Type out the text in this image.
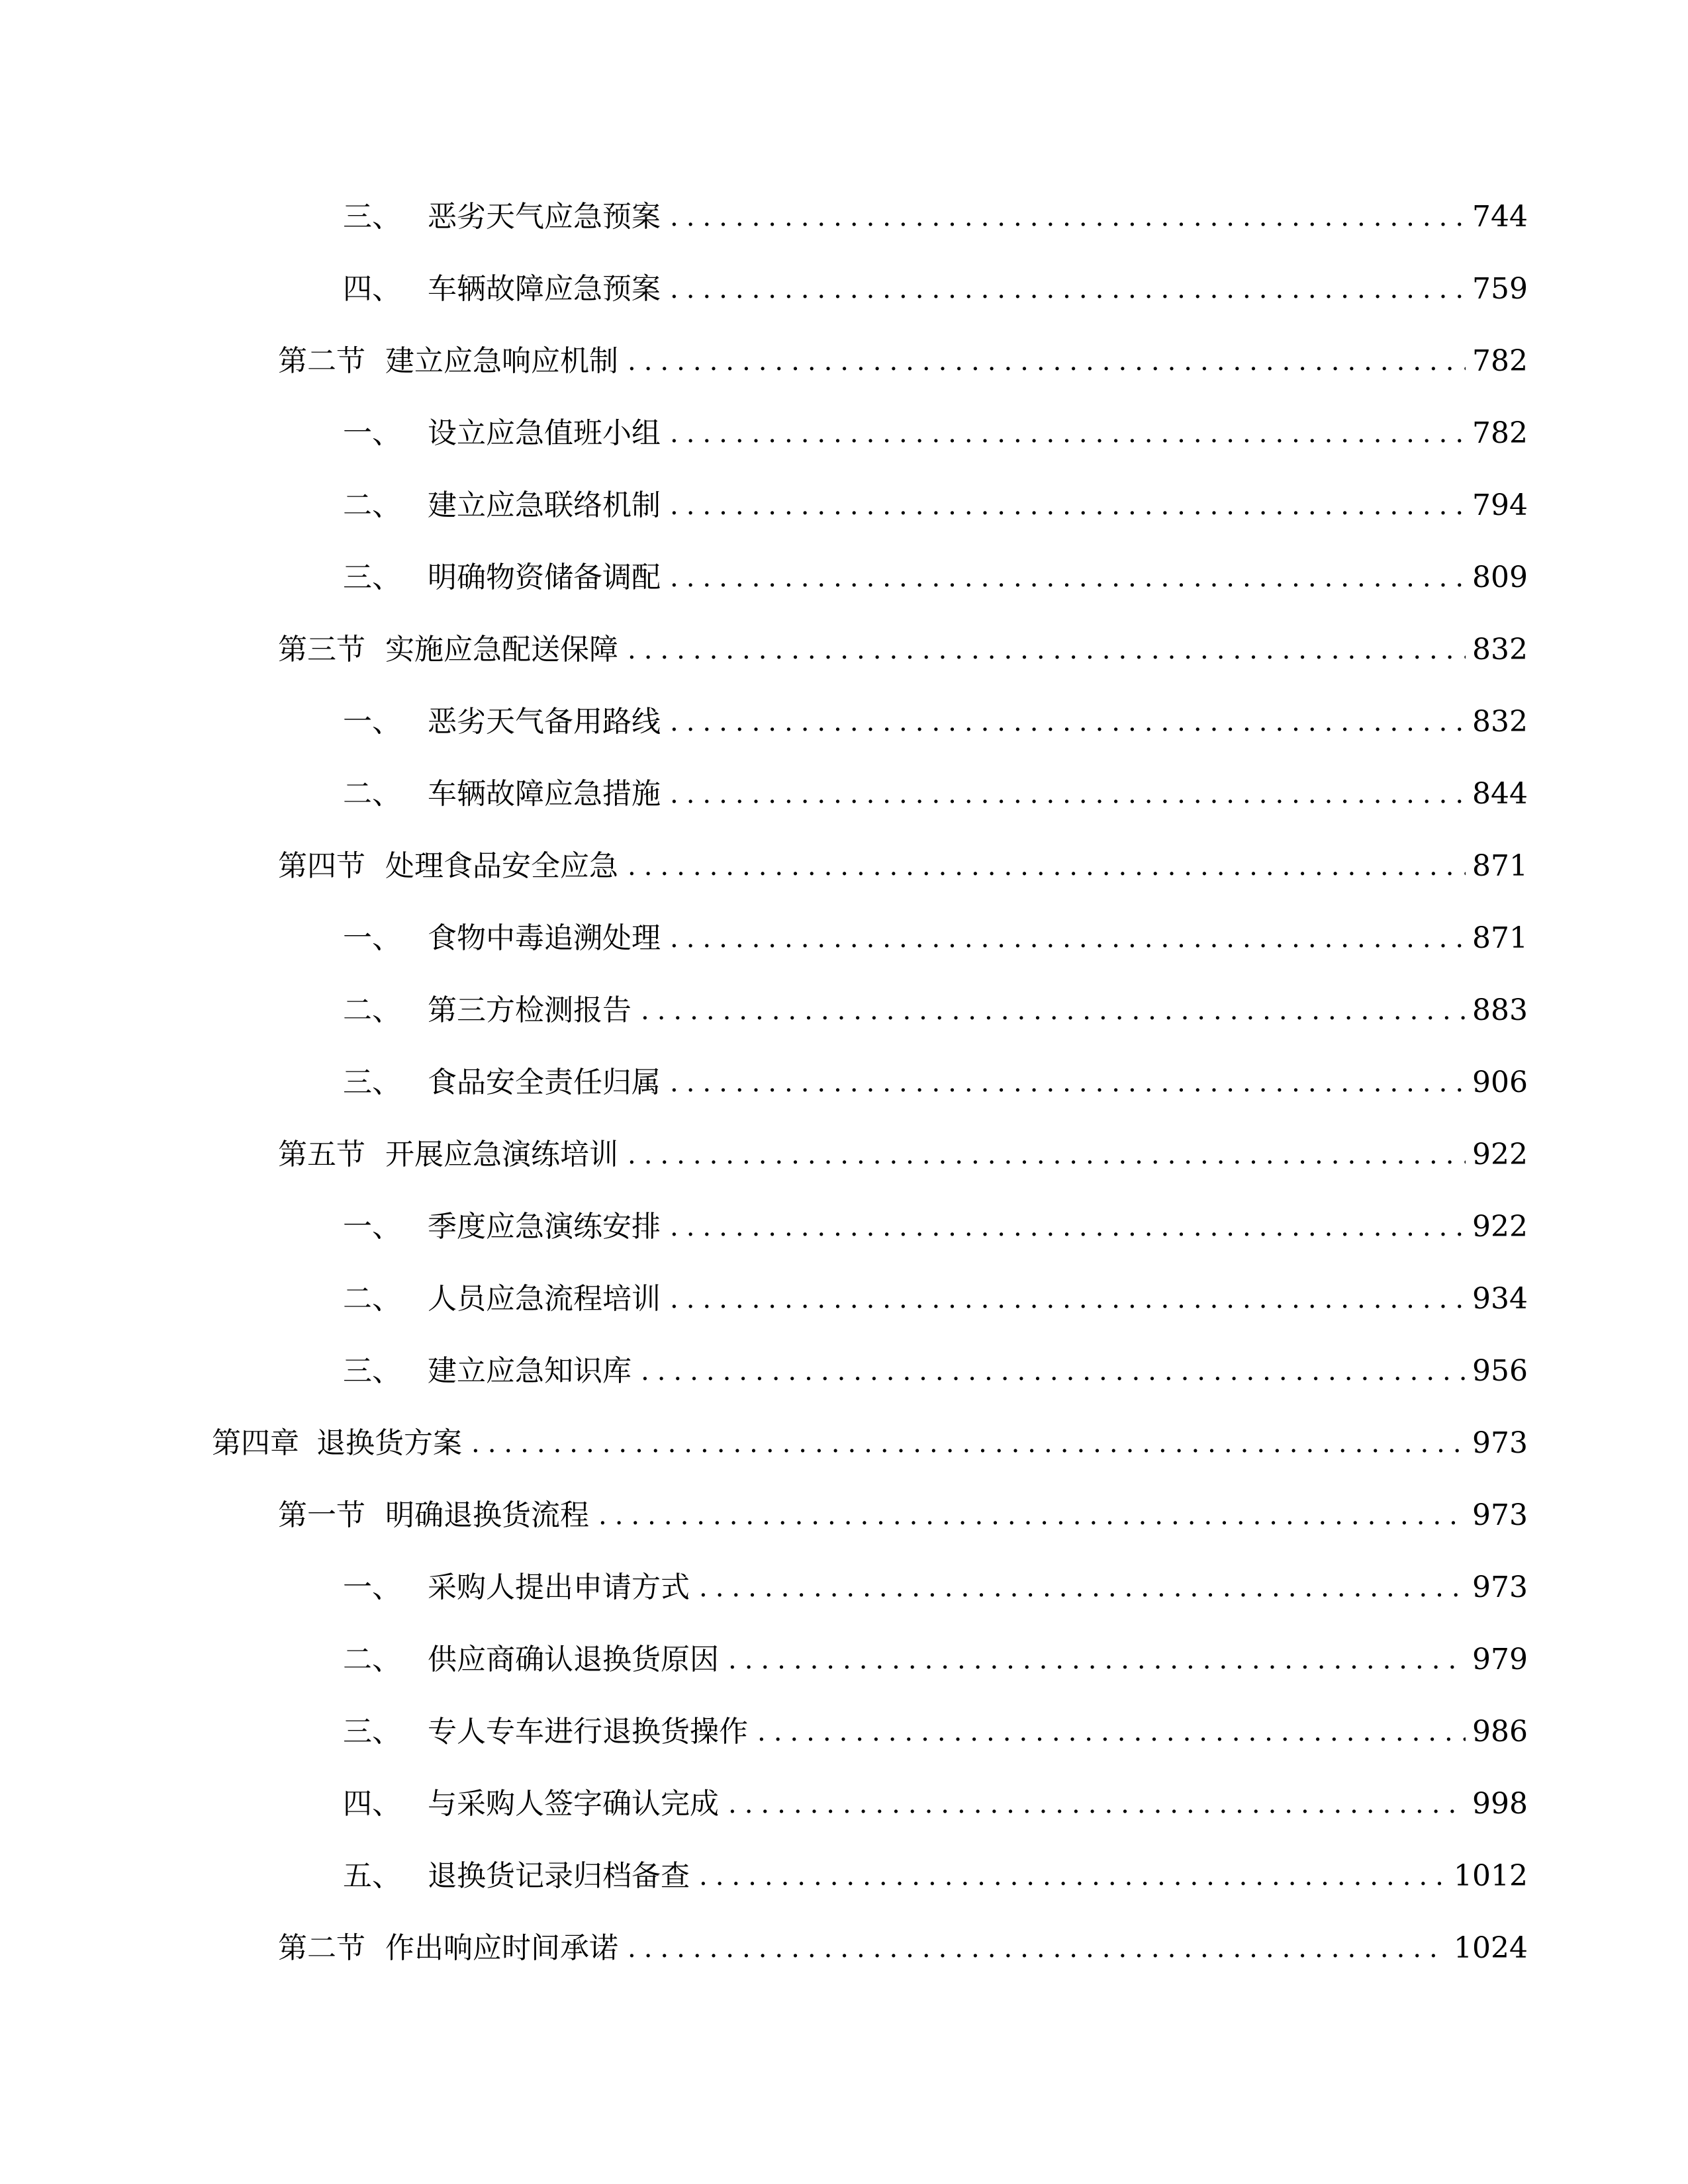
三、 恶劣天气应急预案 .....	744
四、 车辆故障应急预案 .....	759
第二节 建立应急响应机制 .....	782
一、 设立应急值班小组 .....	782
二、 建立应急联络机制 .....	794
三、 明确物资储备调配 .....	809
第三节 实施应急配送保障 .....	832
一、 恶劣天气备用路线 .....	832
二、 车辆故障应急措施 .....	844
第四节 处理食品安全应急 .....	871
一、 食物中毒追溯处理 .....	871
二、 第三方检测报告 .....	883
三、 食品安全责任归属 .....	906
第五节 开展应急演练培训 .....	922
一、 季度应急演练安排 .....	922
二、 人员应急流程培训 .....	934
三、 建立应急知识库 .....	956
第四章 退换货方案 .....	973
第一节 明确退换货流程 .....	973
一、 采购人提出申请方式 .....	973
二、 供应商确认退换货原因 .....	979
三、 专人专车进行退换货操作 .....	986
四、 与采购人签字确认完成 .....	998
五、 退换货记录归档备查 .....	1012
第二节 作出响应时间承诺 .....	1024
